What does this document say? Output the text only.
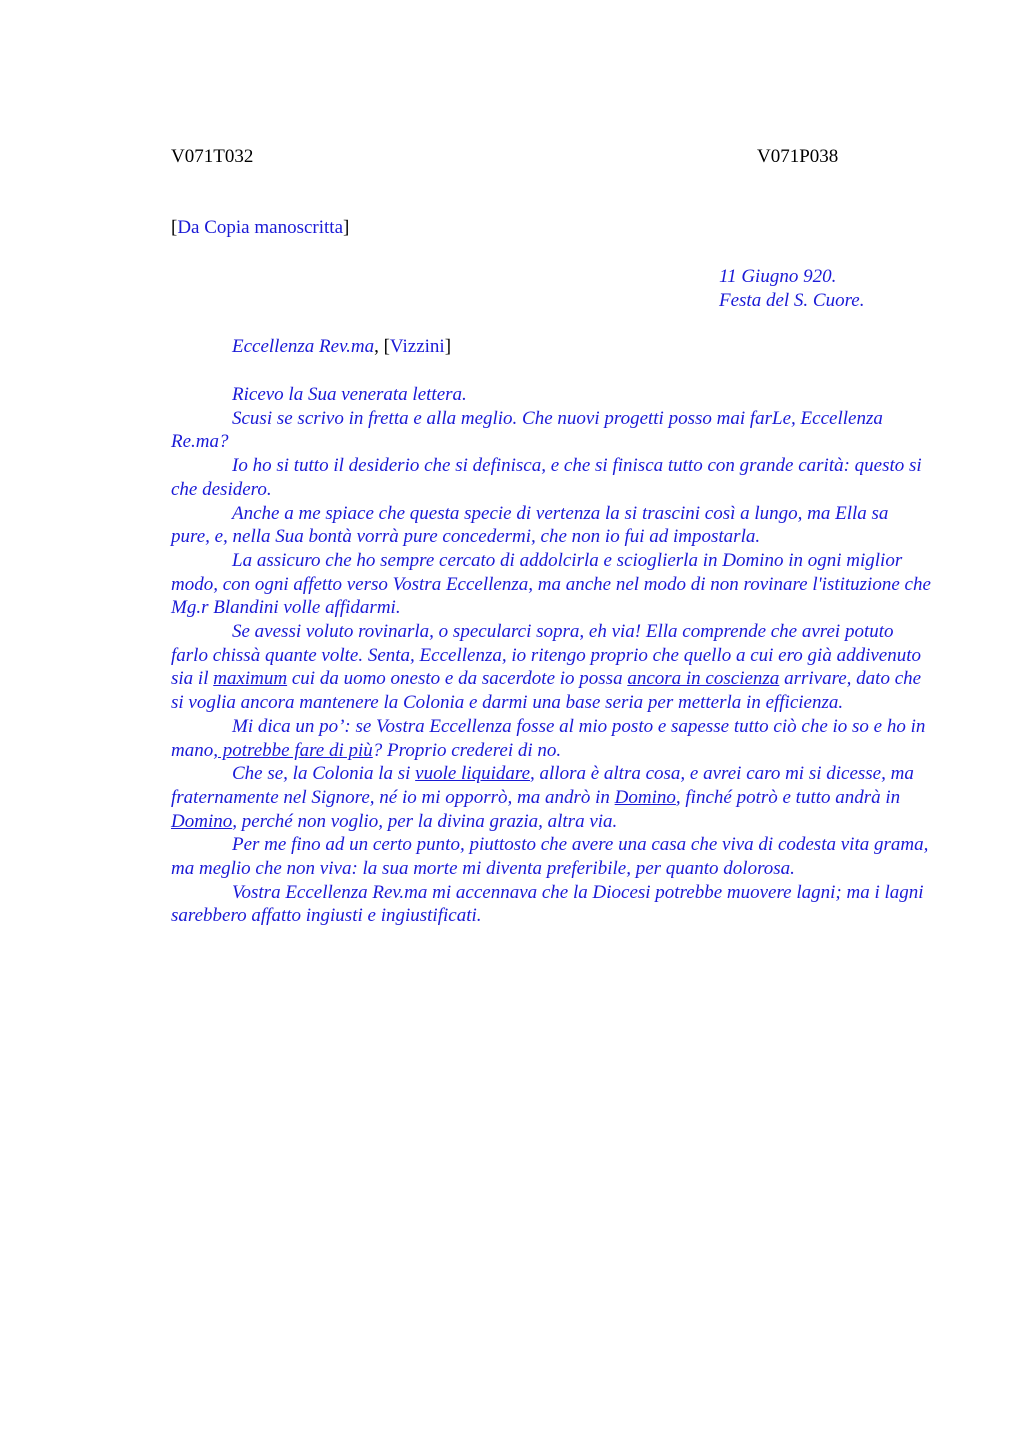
V071T032	V071P038
[Da Copia manoscritta]
11 Giugno 920.
Festa del S. Cuore.
Eccellenza Rev.ma, [Vizzini]

Ricevo la Sua venerata lettera.

Scusi se scrivo in fretta e alla meglio. Che nuovi progetti posso mai farLe, Eccellenza Re.ma?

Io ho si tutto il desiderio che si definisca, e che si finisca tutto con grande carità: questo si che desidero.

Anche a me spiace che questa specie di vertenza la si trascini così a lungo, ma Ella sa pure, e, nella Sua bontà vorrà pure concedermi, che non io fui ad impostarla.

La assicuro che ho sempre cercato di addolcirla e scioglierla in Domino in ogni miglior modo, con ogni affetto verso Vostra Eccellenza, ma anche nel modo di non rovinare l'istituzione che Mg.r Blandini volle affidarmi.

Se avessi voluto rovinarla, o specularci sopra, eh via! Ella comprende che avrei potuto farlo chissà quante volte. Senta, Eccellenza, io ritengo proprio che quello a cui ero già addivenuto sia il maximum cui da uomo onesto e da sacerdote io possa ancora in coscienza arrivare, dato che si voglia ancora mantenere la Colonia e darmi una base seria per metterla in efficienza.

Mi dica un po’: se Vostra Eccellenza fosse al mio posto e sapesse tutto ciò che io so e ho in mano, potrebbe fare di più? Proprio crederei di no.

Che se, la Colonia la si vuole liquidare, allora è altra cosa, e avrei caro mi si dicesse, ma fraternamente nel Signore, né io mi opporrò, ma andrò in Domino, finché potrò e tutto andrà in Domino, perché non voglio, per la divina grazia, altra via.

Per me fino ad un certo punto, piuttosto che avere una casa che viva di codesta vita grama, ma meglio che non viva: la sua morte mi diventa preferibile, per quanto dolorosa.

Vostra Eccellenza Rev.ma mi accennava che la Diocesi potrebbe muovere lagni; ma i lagni sarebbero affatto ingiusti e ingiustificati.
